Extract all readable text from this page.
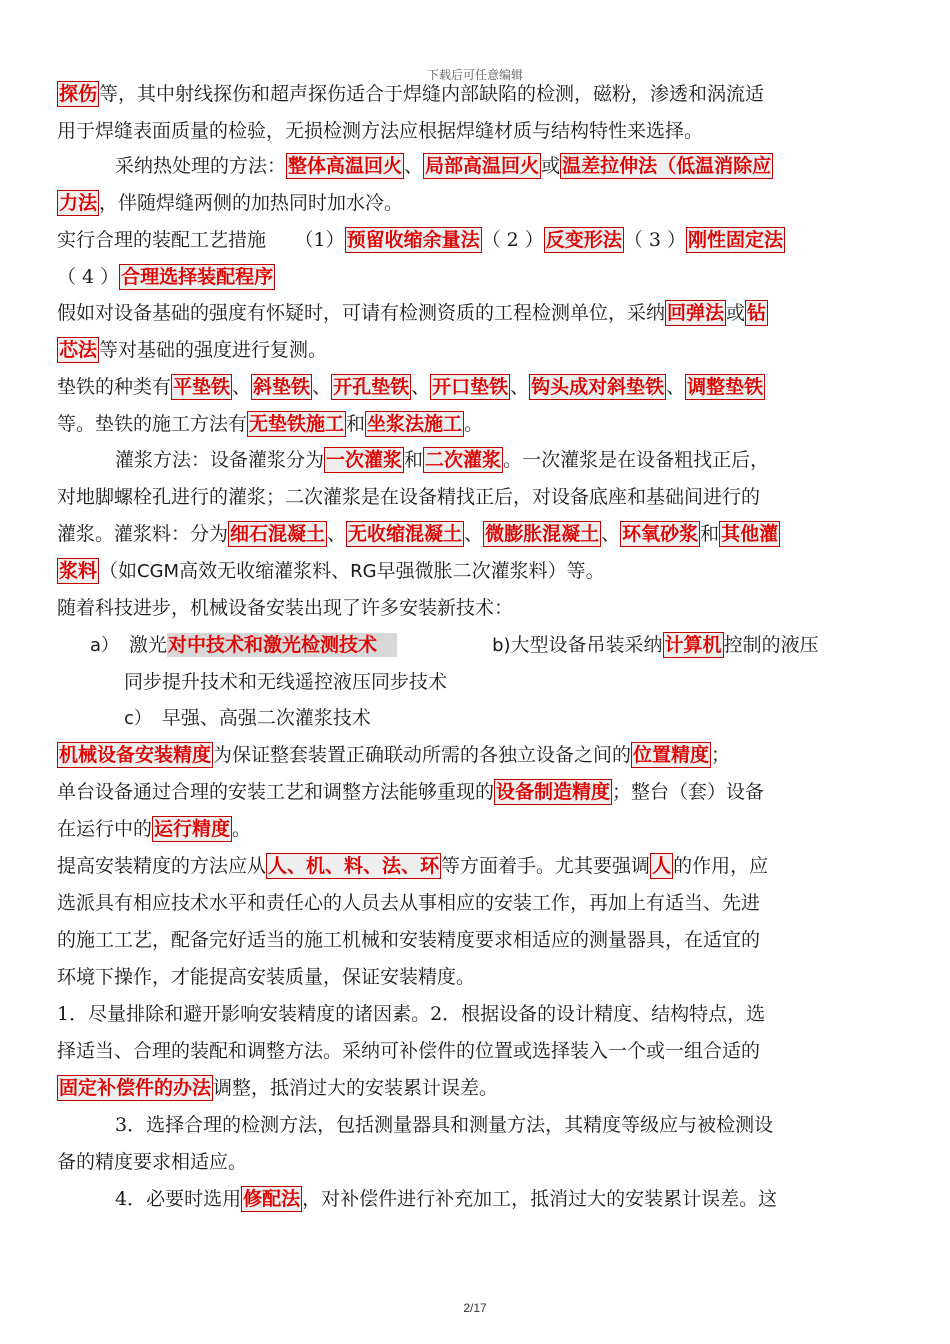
下载后可任意编辑
探伤 等，其中射线探伤和超声探伤适合于焊缝内部缺陷的检测，磁粉，渗透和涡流适
用于焊缝表面质量的检验，无损检测方法应根据焊缝材质与结构特性来选择。
采纳热处理的方法： 整体高温回火 、 局部高温回火 或 温差拉伸法（低温消除应
力法 ，伴随焊缝两侧的加热同时加水冷。
实行合理的装配工艺措施　　（1） 预留收缩余量法 （ 2 ） 反变形法 （ 3 ） 刚性固定法
（ 4 ） 合理选择装配程序
假如对设备基础的强度有怀疑时，可请有检测资质的工程检测单位，采纳 回弹法 或 钻
芯法 等对基础的强度进行复测。
垫铁的种类有 平垫铁 、 斜垫铁 、 开孔垫铁 、 开口垫铁 、 钩头成对斜垫铁 、 调整垫铁
等。垫铁的施工方法有 无垫铁施工 和 坐浆法施工 。
灌浆方法：设备灌浆分为 一次灌浆 和 二次灌浆 。一次灌浆是在设备粗找正后，
对地脚螺栓孔进行的灌浆；二次灌浆是在设备精找正后，对设备底座和基础间进行的
灌浆。灌浆料：分为 细石混凝土 、 无收缩混凝土 、 微膨胀混凝土 、 环氧砂浆 和 其他灌
浆料 （如CGM高效无收缩灌浆料、RG早强微胀二次灌浆料）等。
随着科技进步，机械设备安装出现了许多安装新技术：
a）　激光对中技术和激光检测技术　　　　　　	b)大型设备吊装采纳 计算机 控制的液压
同步提升技术和无线遥控液压同步技术
c）　早强、高强二次灌浆技术
机械设备安装精度 为保证整套装置正确联动所需的各独立设备之间的 位置精度 ；
单台设备通过合理的安装工艺和调整方法能够重现的 设备制造精度 ；整台（套）设备
在运行中的 运行精度 。
提高安装精度的方法应从 人、机、料、法、环 等方面着手。尤其要强调 人 的作用，应
选派具有相应技术水平和责任心的人员去从事相应的安装工作，再加上有适当、先进
的施工工艺，配备完好适当的施工机械和安装精度要求相适应的测量器具，在适宜的
环境下操作，才能提高安装质量，保证安装精度。
1．尽量排除和避开影响安装精度的诸因素。2．根据设备的设计精度、结构特点，选
择适当、合理的装配和调整方法。采纳可补偿件的位置或选择装入一个或一组合适的
固定补偿件的办法 调整，抵消过大的安装累计误差。
3．选择合理的检测方法，包括测量器具和测量方法，其精度等级应与被检测设
备的精度要求相适应。
4．必要时选用 修配法 ，对补偿件进行补充加工，抵消过大的安装累计误差。这
2/17
